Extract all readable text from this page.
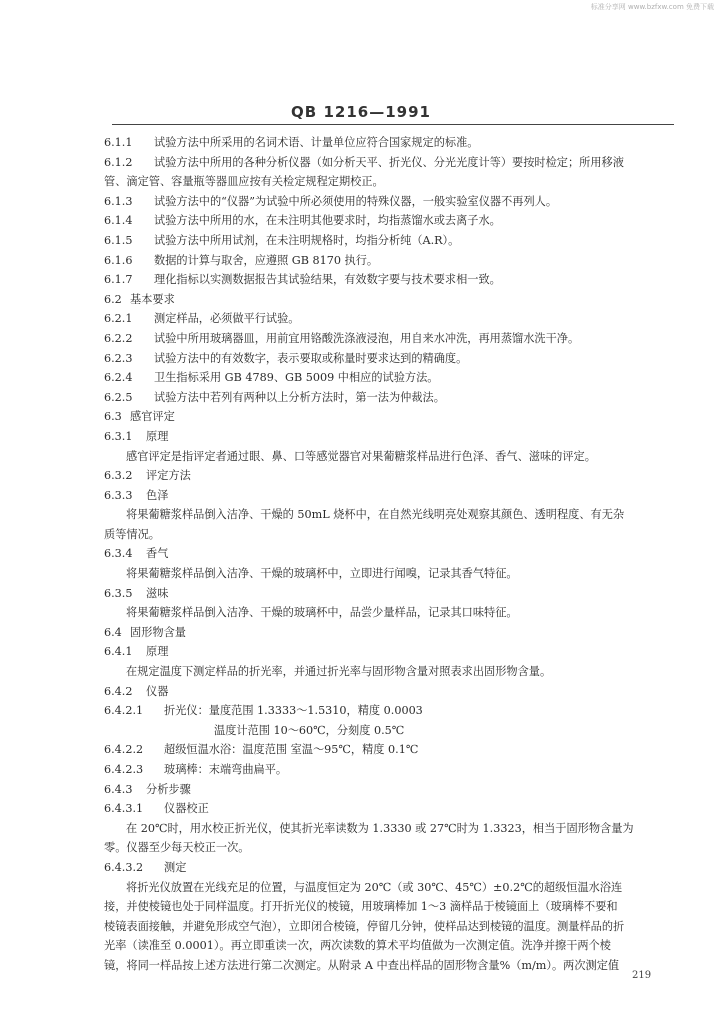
标准分享网 www.bzfxw.com 免费下载
QB 1216—1991
6.1.1 试验方法中所采用的名词术语、计量单位应符合国家规定的标准。
6.1.2 试验方法中所用的各种分析仪器（如分析天平、折光仪、分光光度计等）要按时检定；所用移液
管、滴定管、容量瓶等器皿应按有关检定规程定期校正。
6.1.3 试验方法中的“仪器”为试验中所必须使用的特殊仪器，一般实验室仪器不再列人。
6.1.4 试验方法中所用的水，在未注明其他要求时，均指蒸馏水或去离子水。
6.1.5 试验方法中所用试剂，在未注明规格时，均指分析纯（A.R）。
6.1.6 数据的计算与取舍，应遵照 GB 8170 执行。
6.1.7 理化指标以实测数据报告其试验结果，有效数字要与技术要求相一致。
6.2 基本要求
6.2.1 测定样品，必须做平行试验。
6.2.2 试验中所用玻璃器皿，用前宜用铬酸洗涤液浸泡，用自来水冲洗，再用蒸馏水洗干净。
6.2.3 试验方法中的有效数字，表示要取或称量时要求达到的精确度。
6.2.4 卫生指标采用 GB 4789、GB 5009 中相应的试验方法。
6.2.5 试验方法中若列有两种以上分析方法时，第一法为仲裁法。
6.3 感官评定
6.3.1 原理
感官评定是指评定者通过眼、鼻、口等感觉器官对果葡糖浆样品进行色泽、香气、滋味的评定。
6.3.2 评定方法
6.3.3 色泽
将果葡糖浆样品倒入洁净、干燥的 50mL 烧杯中，在自然光线明亮处观察其颜色、透明程度、有无杂
质等情况。
6.3.4 香气
将果葡糖浆样品倒入洁净、干燥的玻璃杯中，立即进行闻嗅，记录其香气特征。
6.3.5 滋味
将果葡糖浆样品倒入洁净、干燥的玻璃杯中，品尝少量样品，记录其口味特征。
6.4 固形物含量
6.4.1 原理
在规定温度下测定样品的折光率，并通过折光率与固形物含量对照表求出固形物含量。
6.4.2 仪器
6.4.2.1 折光仪：量度范围 1.3333～1.5310，精度 0.0003
温度计范围 10～60℃，分刻度 0.5℃
6.4.2.2 超级恒温水浴：温度范围 室温～95℃，精度 0.1℃
6.4.2.3 玻璃棒：末端弯曲扁平。
6.4.3 分析步骤
6.4.3.1 仪器校正
在 20℃时，用水校正折光仪，使其折光率读数为 1.3330 或 27℃时为 1.3323，相当于固形物含量为
零。仪器至少每天校正一次。
6.4.3.2 测定
将折光仪放置在光线充足的位置，与温度恒定为 20℃（或 30℃、45℃）±0.2℃的超级恒温水浴连
接，并使棱镜也处于同样温度。打开折光仪的棱镜，用玻璃棒加 1～3 滴样品于棱镜面上（玻璃棒不要和
棱镜表面接触，并避免形成空气泡），立即闭合棱镜，停留几分钟，使样品达到棱镜的温度。测量样品的折
光率（读准至 0.0001）。再立即重读一次，两次读数的算术平均值做为一次测定值。洗净并擦干两个棱
镜，将同一样品按上述方法进行第二次测定。从附录 A 中查出样品的固形物含量%（m/m）。两次测定值
219
